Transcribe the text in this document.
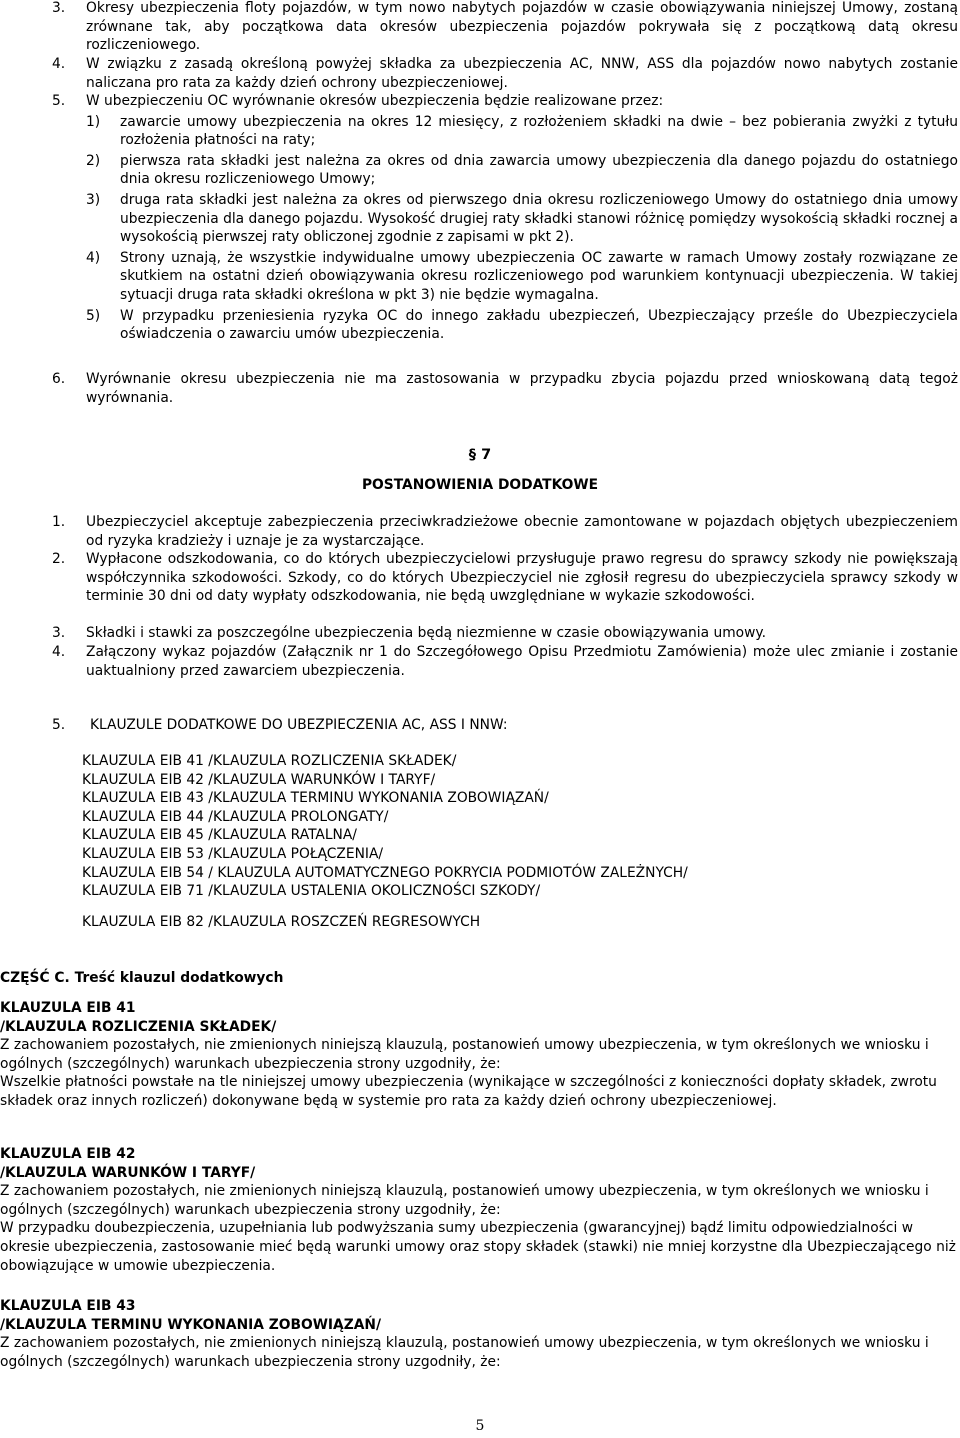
3. Okresy ubezpieczenia floty pojazdów, w tym nowo nabytych pojazdów w czasie obowiązywania niniejszej Umowy, zostaną zrównane tak, aby początkowa data okresów ubezpieczenia pojazdów pokrywała się z początkową datą okresu rozliczeniowego.
4. W związku z zasadą określoną powyżej składka za ubezpieczenia AC, NNW, ASS dla pojazdów nowo nabytych zostanie naliczana pro rata za każdy dzień ochrony ubezpieczeniowej.
5. W ubezpieczeniu OC wyrównanie okresów ubezpieczenia będzie realizowane przez:
1) zawarcie umowy ubezpieczenia na okres 12 miesięcy, z rozłożeniem składki na dwie – bez pobierania zwyżki z tytułu rozłożenia płatności na raty;
2) pierwsza rata składki jest należna za okres od dnia zawarcia umowy ubezpieczenia dla danego pojazdu do ostatniego dnia okresu rozliczeniowego Umowy;
3) druga rata składki jest należna za okres od pierwszego dnia okresu rozliczeniowego Umowy do ostatniego dnia umowy ubezpieczenia dla danego pojazdu. Wysokość drugiej raty składki stanowi różnicę pomiędzy wysokością składki rocznej a wysokością pierwszej raty obliczonej zgodnie z zapisami w pkt 2).
4) Strony uznają, że wszystkie indywidualne umowy ubezpieczenia OC zawarte w ramach Umowy zostały rozwiązane ze skutkiem na ostatni dzień obowiązywania okresu rozliczeniowego pod warunkiem kontynuacji ubezpieczenia. W takiej sytuacji druga rata składki określona w pkt 3) nie będzie wymagalna.
5) W przypadku przeniesienia ryzyka OC do innego zakładu ubezpieczeń, Ubezpieczający prześle do Ubezpieczyciela oświadczenia o zawarciu umów ubezpieczenia.
6. Wyrównanie okresu ubezpieczenia nie ma zastosowania w przypadku zbycia pojazdu przed wnioskowaną datą tegoż wyrównania.
§ 7
POSTANOWIENIA DODATKOWE
1. Ubezpieczyciel akceptuje zabezpieczenia przeciwkradzieżowe obecnie zamontowane w pojazdach objętych ubezpieczeniem od ryzyka kradzieży i uznaje je za wystarczające.
2. Wypłacone odszkodowania, co do których ubezpieczycielowi przysługuje prawo regresu do sprawcy szkody nie powiększają współczynnika szkodowości. Szkody, co do których Ubezpieczyciel nie zgłosił regresu do ubezpieczyciela sprawcy szkody w terminie 30 dni od daty wypłaty odszkodowania, nie będą uwzględniane w wykazie szkodowości.
3. Składki i stawki za poszczególne ubezpieczenia będą niezmienne w czasie obowiązywania umowy.
4. Załączony wykaz pojazdów (Załącznik nr 1 do Szczegółowego Opisu Przedmiotu Zamówienia) może ulec zmianie i zostanie uaktualniony przed zawarciem ubezpieczenia.
5. KLAUZULE DODATKOWE DO UBEZPIECZENIA AC, ASS I NNW:
KLAUZULA EIB 41 /KLAUZULA ROZLICZENIA SKŁADEK/
KLAUZULA EIB 42 /KLAUZULA WARUNKÓW I TARYF/
KLAUZULA EIB 43 /KLAUZULA TERMINU WYKONANIA ZOBOWIĄZAŃ/
KLAUZULA EIB 44 /KLAUZULA PROLONGATY/
KLAUZULA EIB 45 /KLAUZULA RATALNA/
KLAUZULA EIB 53 /KLAUZULA POŁĄCZENIA/
KLAUZULA EIB 54 / KLAUZULA AUTOMATYCZNEGO POKRYCIA PODMIOTÓW ZALEŻNYCH/
KLAUZULA EIB 71 /KLAUZULA USTALENIA OKOLICZNOŚCI SZKODY/
KLAUZULA EIB 82 /KLAUZULA ROSZCZEŃ REGRESOWYCH
CZĘŚĆ C. Treść klauzul dodatkowych
KLAUZULA EIB 41
/KLAUZULA ROZLICZENIA SKŁADEK/
Z zachowaniem pozostałych, nie zmienionych niniejszą klauzulą, postanowień umowy ubezpieczenia, w tym określonych we wniosku i ogólnych (szczególnych) warunkach ubezpieczenia strony uzgodniły, że:
Wszelkie płatności powstałe na tle niniejszej umowy ubezpieczenia (wynikające w szczególności z konieczności dopłaty składek, zwrotu składek oraz innych rozliczeń) dokonywane będą w systemie pro rata za każdy dzień ochrony ubezpieczeniowej.
KLAUZULA EIB 42
/KLAUZULA WARUNKÓW I TARYF/
Z zachowaniem pozostałych, nie zmienionych niniejszą klauzulą, postanowień umowy ubezpieczenia, w tym określonych we wniosku i ogólnych (szczególnych) warunkach ubezpieczenia strony uzgodniły, że:
W przypadku doubezpieczenia, uzupełniania lub podwyższania sumy ubezpieczenia (gwarancyjnej) bądź limitu odpowiedzialności w okresie ubezpieczenia, zastosowanie mieć będą warunki umowy oraz stopy składek (stawki) nie mniej korzystne dla Ubezpieczającego niż obowiązujące w umowie ubezpieczenia.
KLAUZULA EIB 43
/KLAUZULA TERMINU WYKONANIA ZOBOWIĄZAŃ/
Z zachowaniem pozostałych, nie zmienionych niniejszą klauzulą, postanowień umowy ubezpieczenia, w tym określonych we wniosku i ogólnych (szczególnych) warunkach ubezpieczenia strony uzgodniły, że:
5
